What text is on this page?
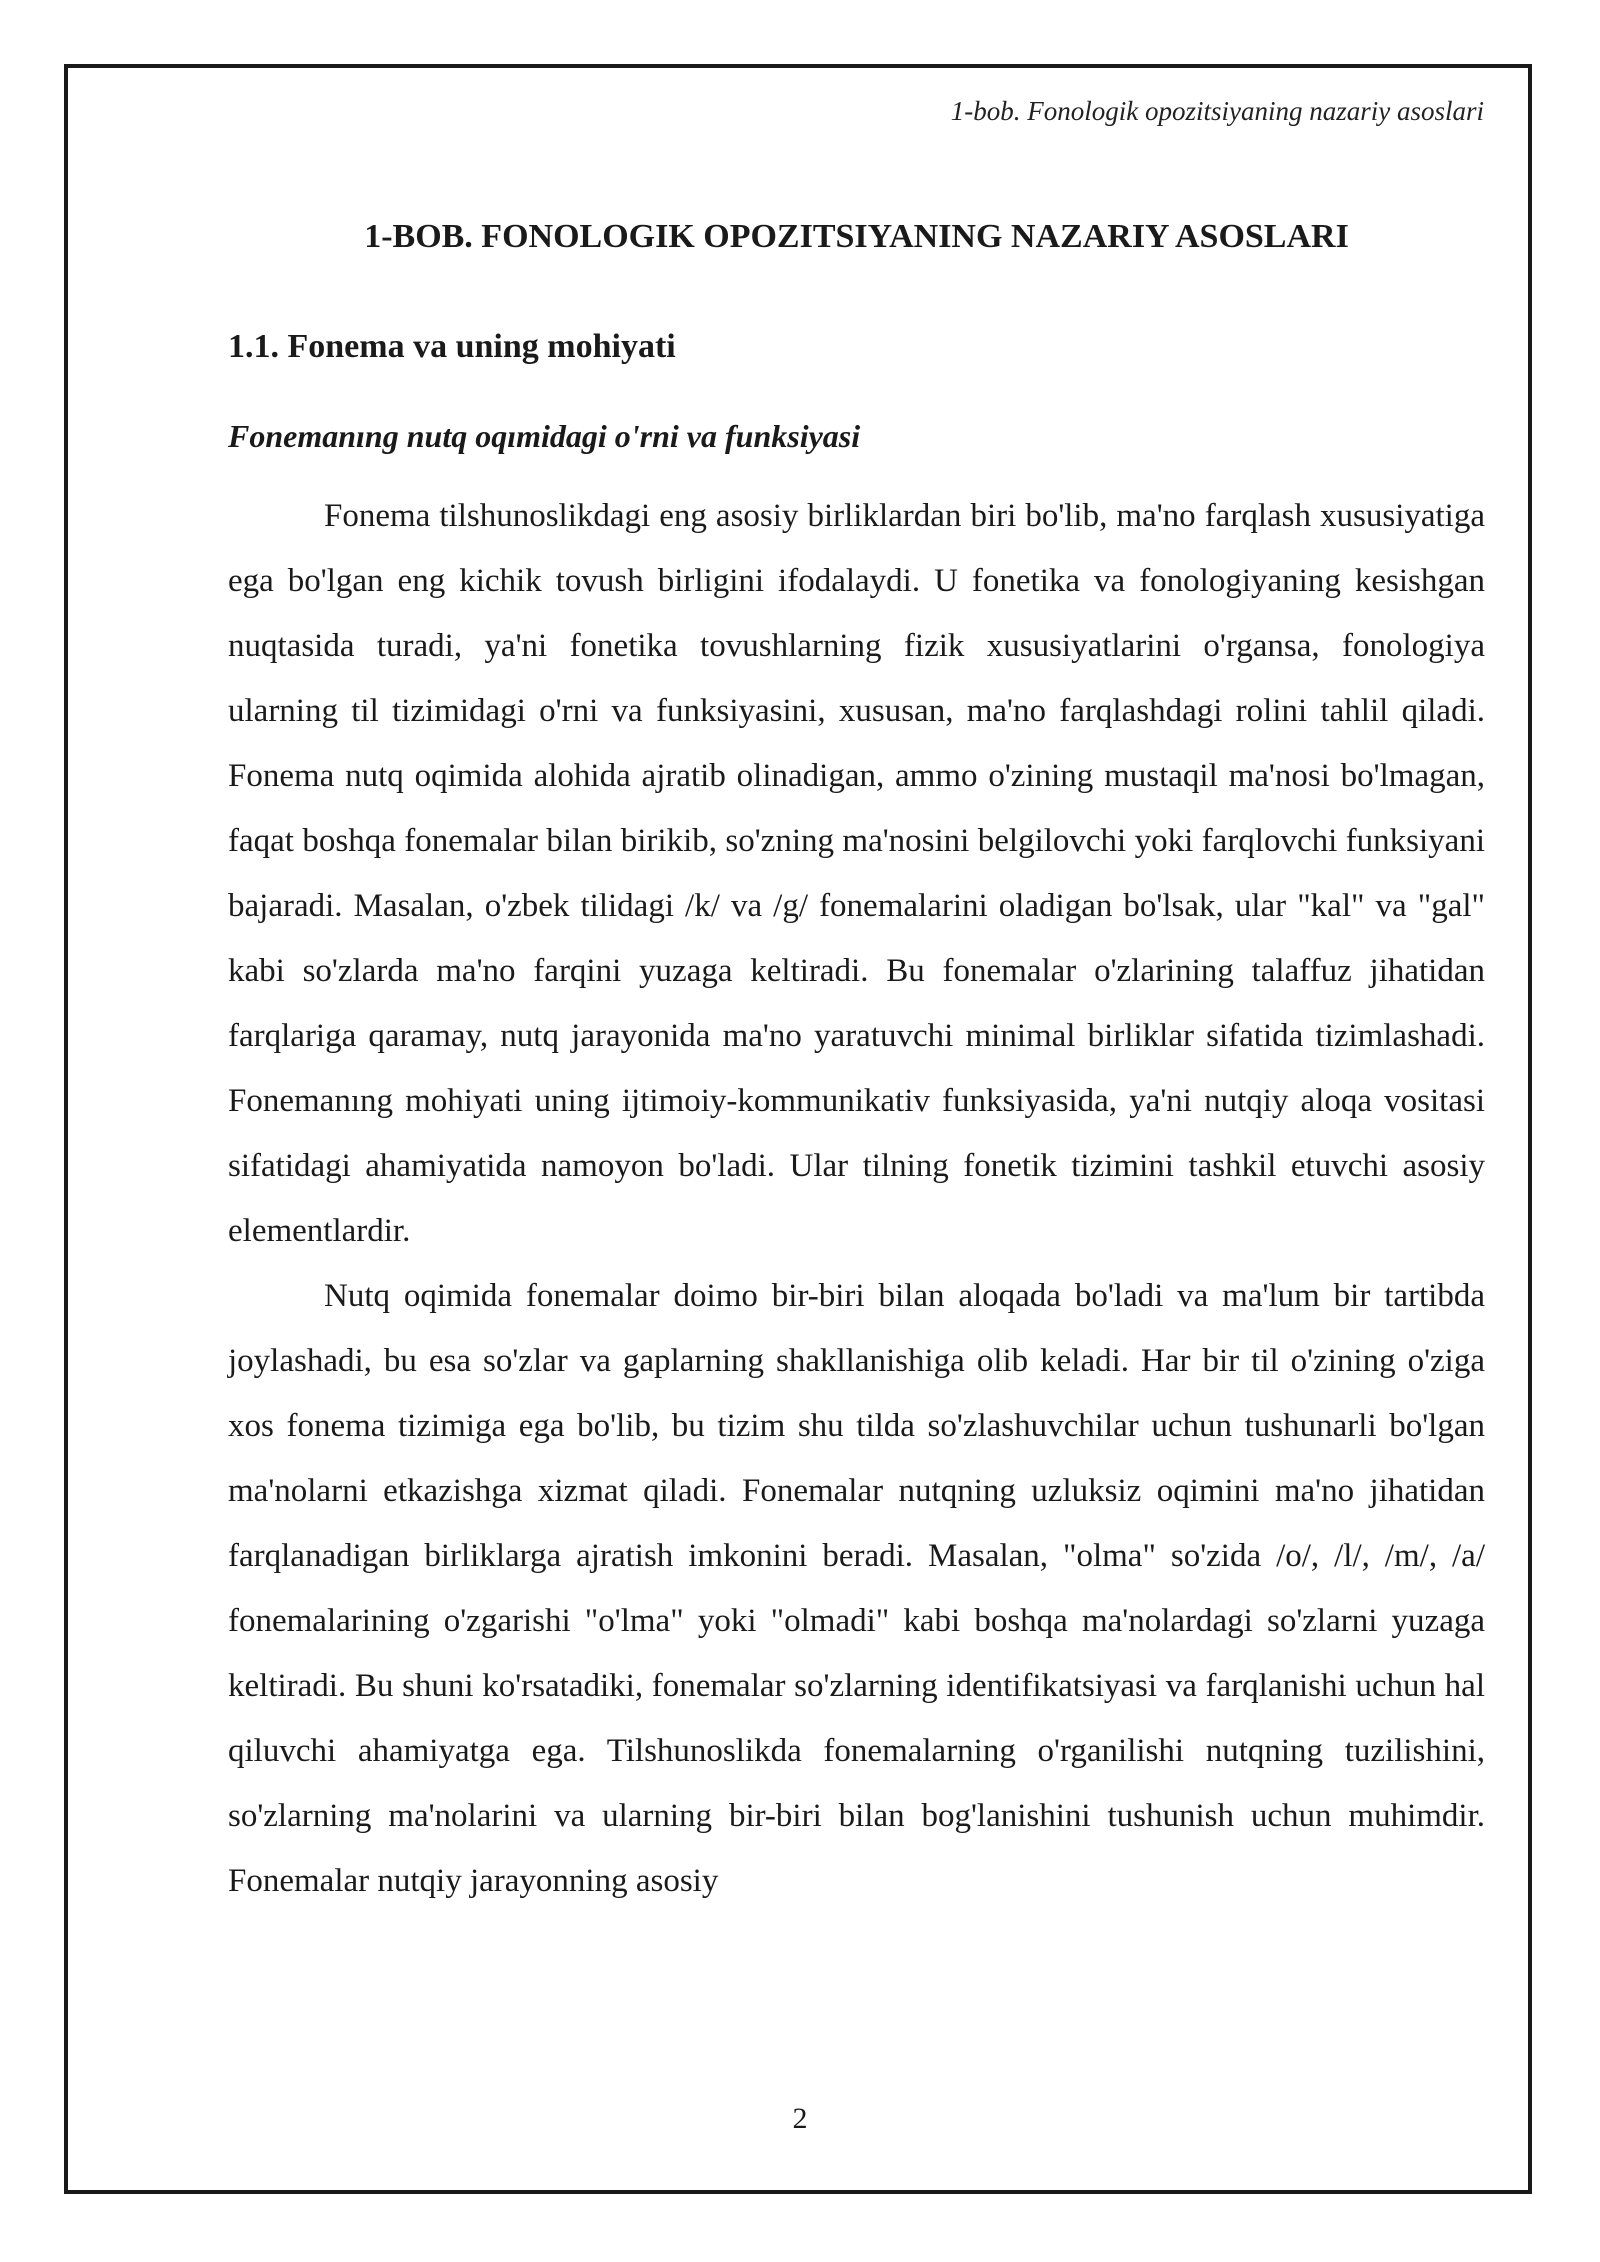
1-bob. Fonologik opozitsiyaning nazariy asoslari
1-BOB. FONOLOGIK OPOZITSIYANING NAZARIY ASOSLARI
1.1. Fonema va uning mohiyati
Fonemanıng nutq oqımidagi o'rni va funksiyasi

Fonema tilshunoslikdagi eng asosiy birliklardan biri bo'lib, ma'no farqlash xususiyatiga ega bo'lgan eng kichik tovush birligini ifodalaydi. U fonetika va fonologiyaning kesishgan nuqtasida turadi, ya'ni fonetika tovushlarning fizik xususiyatlarini o'rgansa, fonologiya ularning til tizimidagi o'rni va funksiyasini, xususan, ma'no farqlashdagi rolini tahlil qiladi. Fonema nutq oqimida alohida ajratib olinadigan, ammo o'zining mustaqil ma'nosi bo'lmagan, faqat boshqa fonemalar bilan birikib, so'zning ma'nosini belgilovchi yoki farqlovchi funksiyani bajaradi. Masalan, o'zbek tilidagi /k/ va /g/ fonemalarini oladigan bo'lsak, ular "kal" va "gal" kabi so'zlarda ma'no farqini yuzaga keltiradi. Bu fonemalar o'zlarining talaffuz jihatidan farqlariga qaramay, nutq jarayonida ma'no yaratuvchi minimal birliklar sifatida tizimlashadi. Fonemanıng mohiyati uning ijtimoiy-kommunikativ funksiyasida, ya'ni nutqiy aloqa vositasi sifatidagi ahamiyatida namoyon bo'ladi. Ular tilning fonetik tizimini tashkil etuvchi asosiy elementlardir.

Nutq oqimida fonemalar doimo bir-biri bilan aloqada bo'ladi va ma'lum bir tartibda joylashadi, bu esa so'zlar va gaplarning shakllanishiga olib keladi. Har bir til o'zining o'ziga xos fonema tizimiga ega bo'lib, bu tizim shu tilda so'zlashuvchilar uchun tushunarli bo'lgan ma'nolarni etkazishga xizmat qiladi. Fonemalar nutqning uzluksiz oqimini ma'no jihatidan farqlanadigan birliklarga ajratish imkonini beradi. Masalan, "olma" so'zida /o/, /l/, /m/, /a/ fonemalarining o'zgarishi "o'lma" yoki "olmadi" kabi boshqa ma'nolardagi so'zlarni yuzaga keltiradi. Bu shuni ko'rsatadiki, fonemalar so'zlarning identifikatsiyasi va farqlanishi uchun hal qiluvchi ahamiyatga ega. Tilshunoslikda fonemalarning o'rganilishi nutqning tuzilishini, so'zlarning ma'nolarini va ularning bir-biri bilan bog'lanishini tushunish uchun muhimdir. Fonemalar nutqiy jarayonning asosiy

2
